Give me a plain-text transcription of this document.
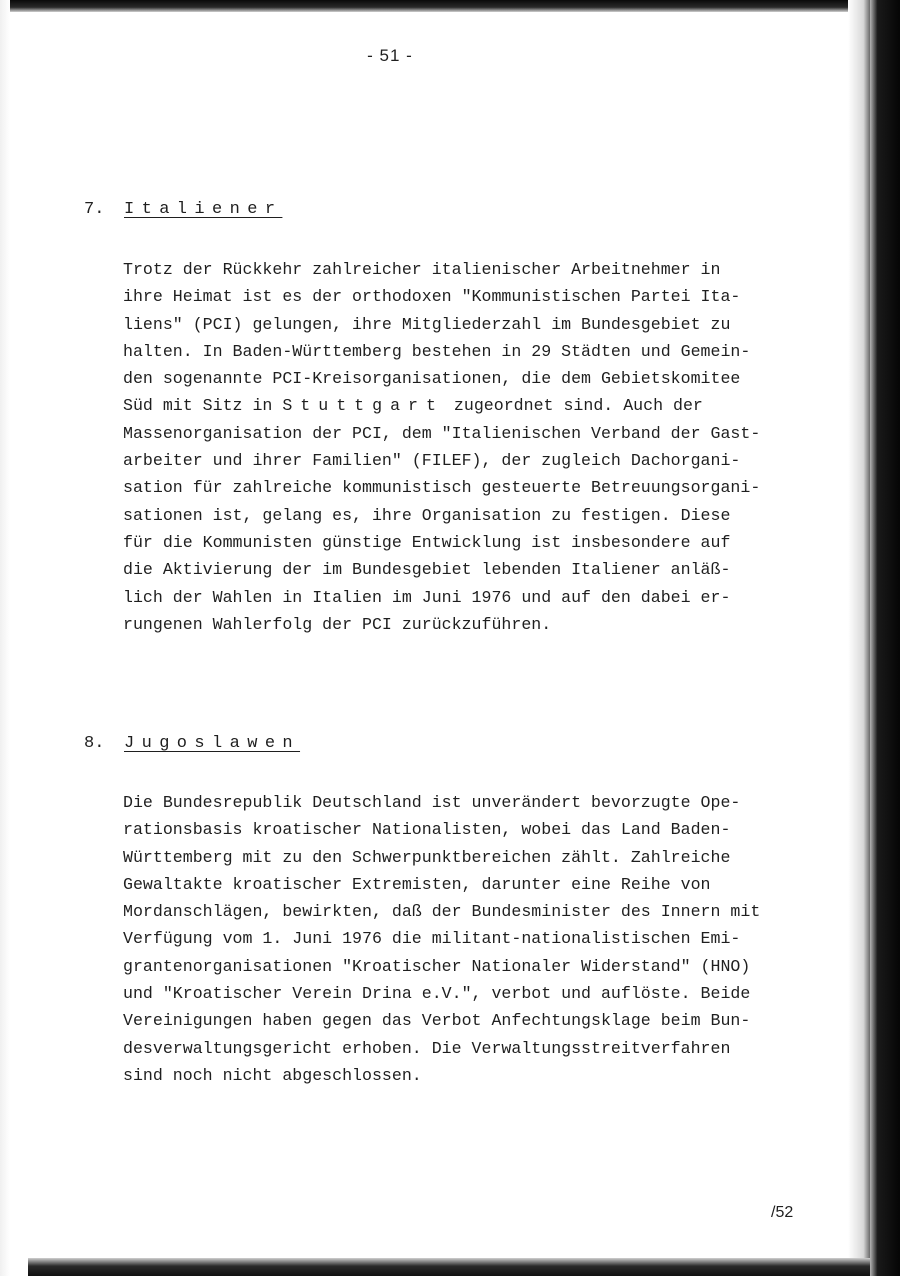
- 51 -
7. Italiener
Trotz der Rückkehr zahlreicher italienischer Arbeitnehmer in
ihre Heimat ist es der orthodoxen "Kommunistischen Partei Ita-
liens" (PCI) gelungen, ihre Mitgliederzahl im Bundesgebiet zu
halten. In Baden-Württemberg bestehen in 29 Städten und Gemein-
den sogenannte PCI-Kreisorganisationen, die dem Gebietskomitee
Süd mit Sitz in Stuttgart zugeordnet sind. Auch der
Massenorganisation der PCI, dem "Italienischen Verband der Gast-
arbeiter und ihrer Familien" (FILEF), der zugleich Dachorgani-
sation für zahlreiche kommunistisch gesteuerte Betreuungsorgani-
sationen ist, gelang es, ihre Organisation zu festigen. Diese
für die Kommunisten günstige Entwicklung ist insbesondere auf
die Aktivierung der im Bundesgebiet lebenden Italiener anläß-
lich der Wahlen in Italien im Juni 1976 und auf den dabei er-
rungenen Wahlerfolg der PCI zurückzuführen.
8. Jugoslawen
Die Bundesrepublik Deutschland ist unverändert bevorzugte Ope-
rationsbasis kroatischer Nationalisten, wobei das Land Baden-
Württemberg mit zu den Schwerpunktbereichen zählt. Zahlreiche
Gewaltakte kroatischer Extremisten, darunter eine Reihe von
Mordanschlägen, bewirkten, daß der Bundesminister des Innern mit
Verfügung vom 1. Juni 1976 die militant-nationalistischen Emi-
grantenorganisationen "Kroatischer Nationaler Widerstand" (HNO)
und "Kroatischer Verein Drina e.V.", verbot und auflöste. Beide
Vereinigungen haben gegen das Verbot Anfechtungsklage beim Bun-
desverwaltungsgericht erhoben. Die Verwaltungsstreitverfahren
sind noch nicht abgeschlossen.
/52
